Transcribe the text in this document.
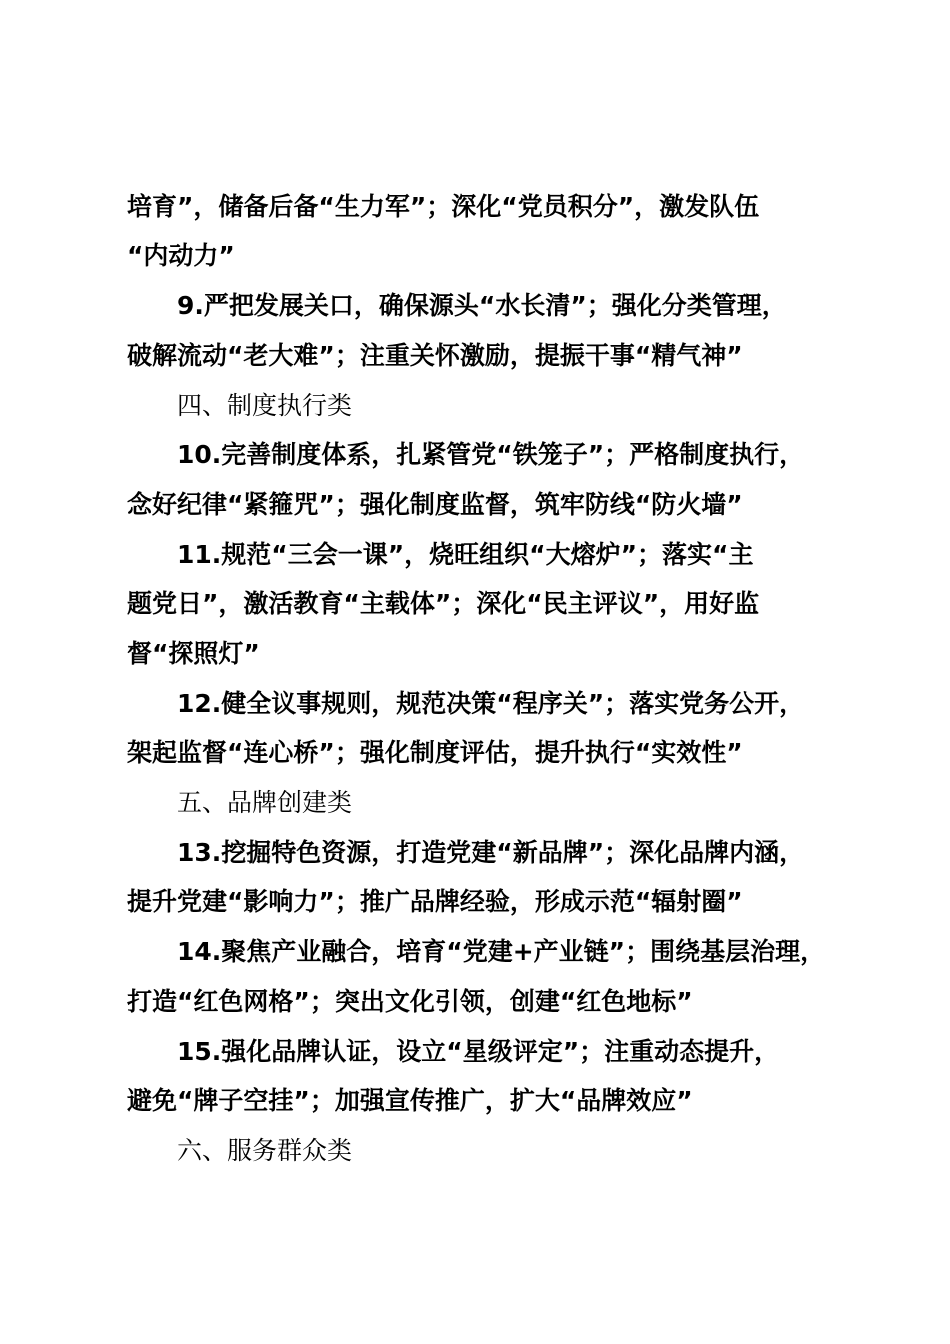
培育”，储备后备“生力军”；深化“党员积分”，激发队伍
“内动力”
9.严把发展关口，确保源头“水长清”；强化分类管理，
破解流动“老大难”；注重关怀激励，提振干事“精气神”
四、制度执行类
10.完善制度体系，扎紧管党“铁笼子”；严格制度执行，
念好纪律“紧箍咒”；强化制度监督，筑牢防线“防火墙”
11.规范“三会一课”，烧旺组织“大熔炉”；落实“主
题党日”，激活教育“主载体”；深化“民主评议”，用好监
督“探照灯”
12.健全议事规则，规范决策“程序关”；落实党务公开，
架起监督“连心桥”；强化制度评估，提升执行“实效性”
五、品牌创建类
13.挖掘特色资源，打造党建“新品牌”；深化品牌内涵，
提升党建“影响力”；推广品牌经验，形成示范“辐射圈”
14.聚焦产业融合，培育“党建+产业链”；围绕基层治理，
打造“红色网格”；突出文化引领，创建“红色地标”
15.强化品牌认证，设立“星级评定”；注重动态提升，
避免“牌子空挂”；加强宣传推广，扩大“品牌效应”
六、服务群众类
